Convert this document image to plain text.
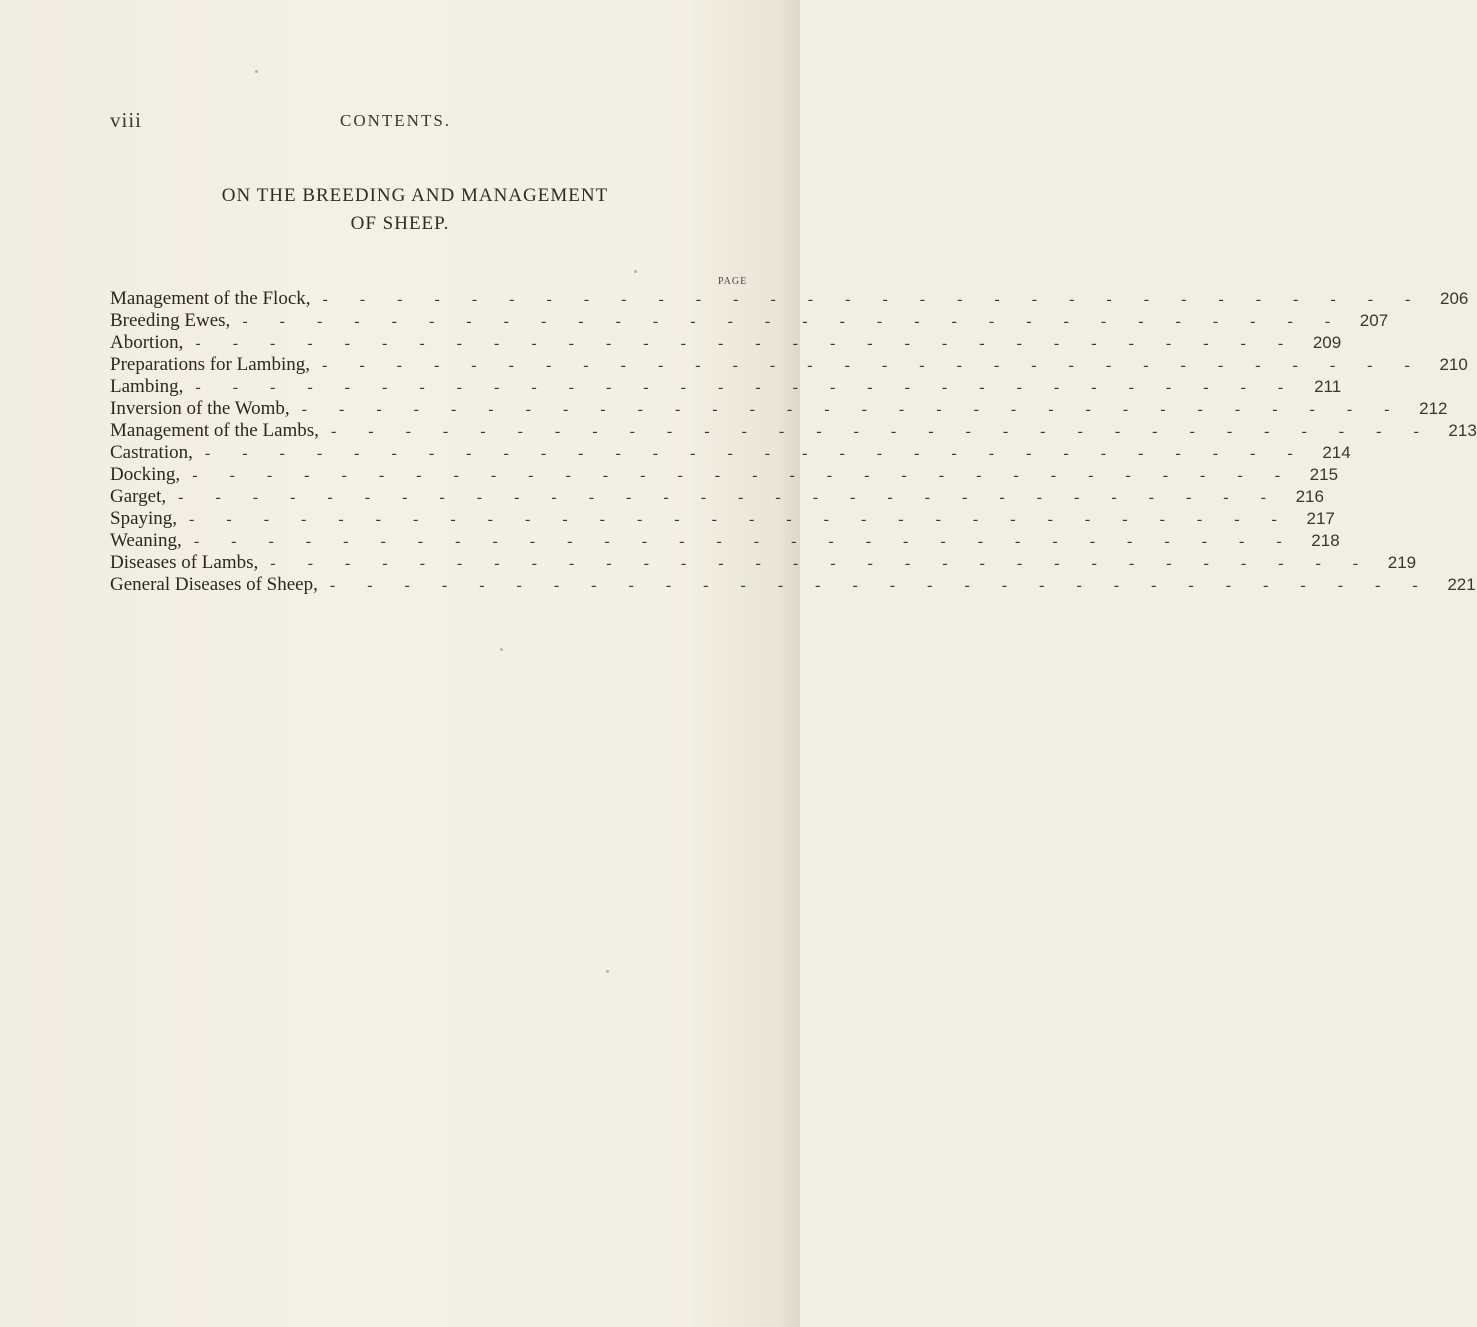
viii	CONTENTS.
ON THE BREEDING AND MANAGEMENT
OF SHEEP.
PAGE
Management of the Flock, - - - - - - - - - - - - - - - - - - - - - - - - - - - - - - 206
Breeding Ewes, - - - - - - - - - - - - - - - - - - - - - - - - - - - - - - 207
Abortion, - - - - - - - - - - - - - - - - - - - - - - - - - - - - - - 209
Preparations for Lambing, - - - - - - - - - - - - - - - - - - - - - - - - - - - - - - 210
Lambing, - - - - - - - - - - - - - - - - - - - - - - - - - - - - - - 211
Inversion of the Womb, - - - - - - - - - - - - - - - - - - - - - - - - - - - - - - 212
Management of the Lambs, - - - - - - - - - - - - - - - - - - - - - - - - - - - - - - 213
Castration, - - - - - - - - - - - - - - - - - - - - - - - - - - - - - - 214
Docking, - - - - - - - - - - - - - - - - - - - - - - - - - - - - - - 215
Garget, - - - - - - - - - - - - - - - - - - - - - - - - - - - - - - 216
Spaying, - - - - - - - - - - - - - - - - - - - - - - - - - - - - - - 217
Weaning, - - - - - - - - - - - - - - - - - - - - - - - - - - - - - - 218
Diseases of Lambs, - - - - - - - - - - - - - - - - - - - - - - - - - - - - - - 219
General Diseases of Sheep, - - - - - - - - - - - - - - - - - - - - - - - - - - - - - - 221
